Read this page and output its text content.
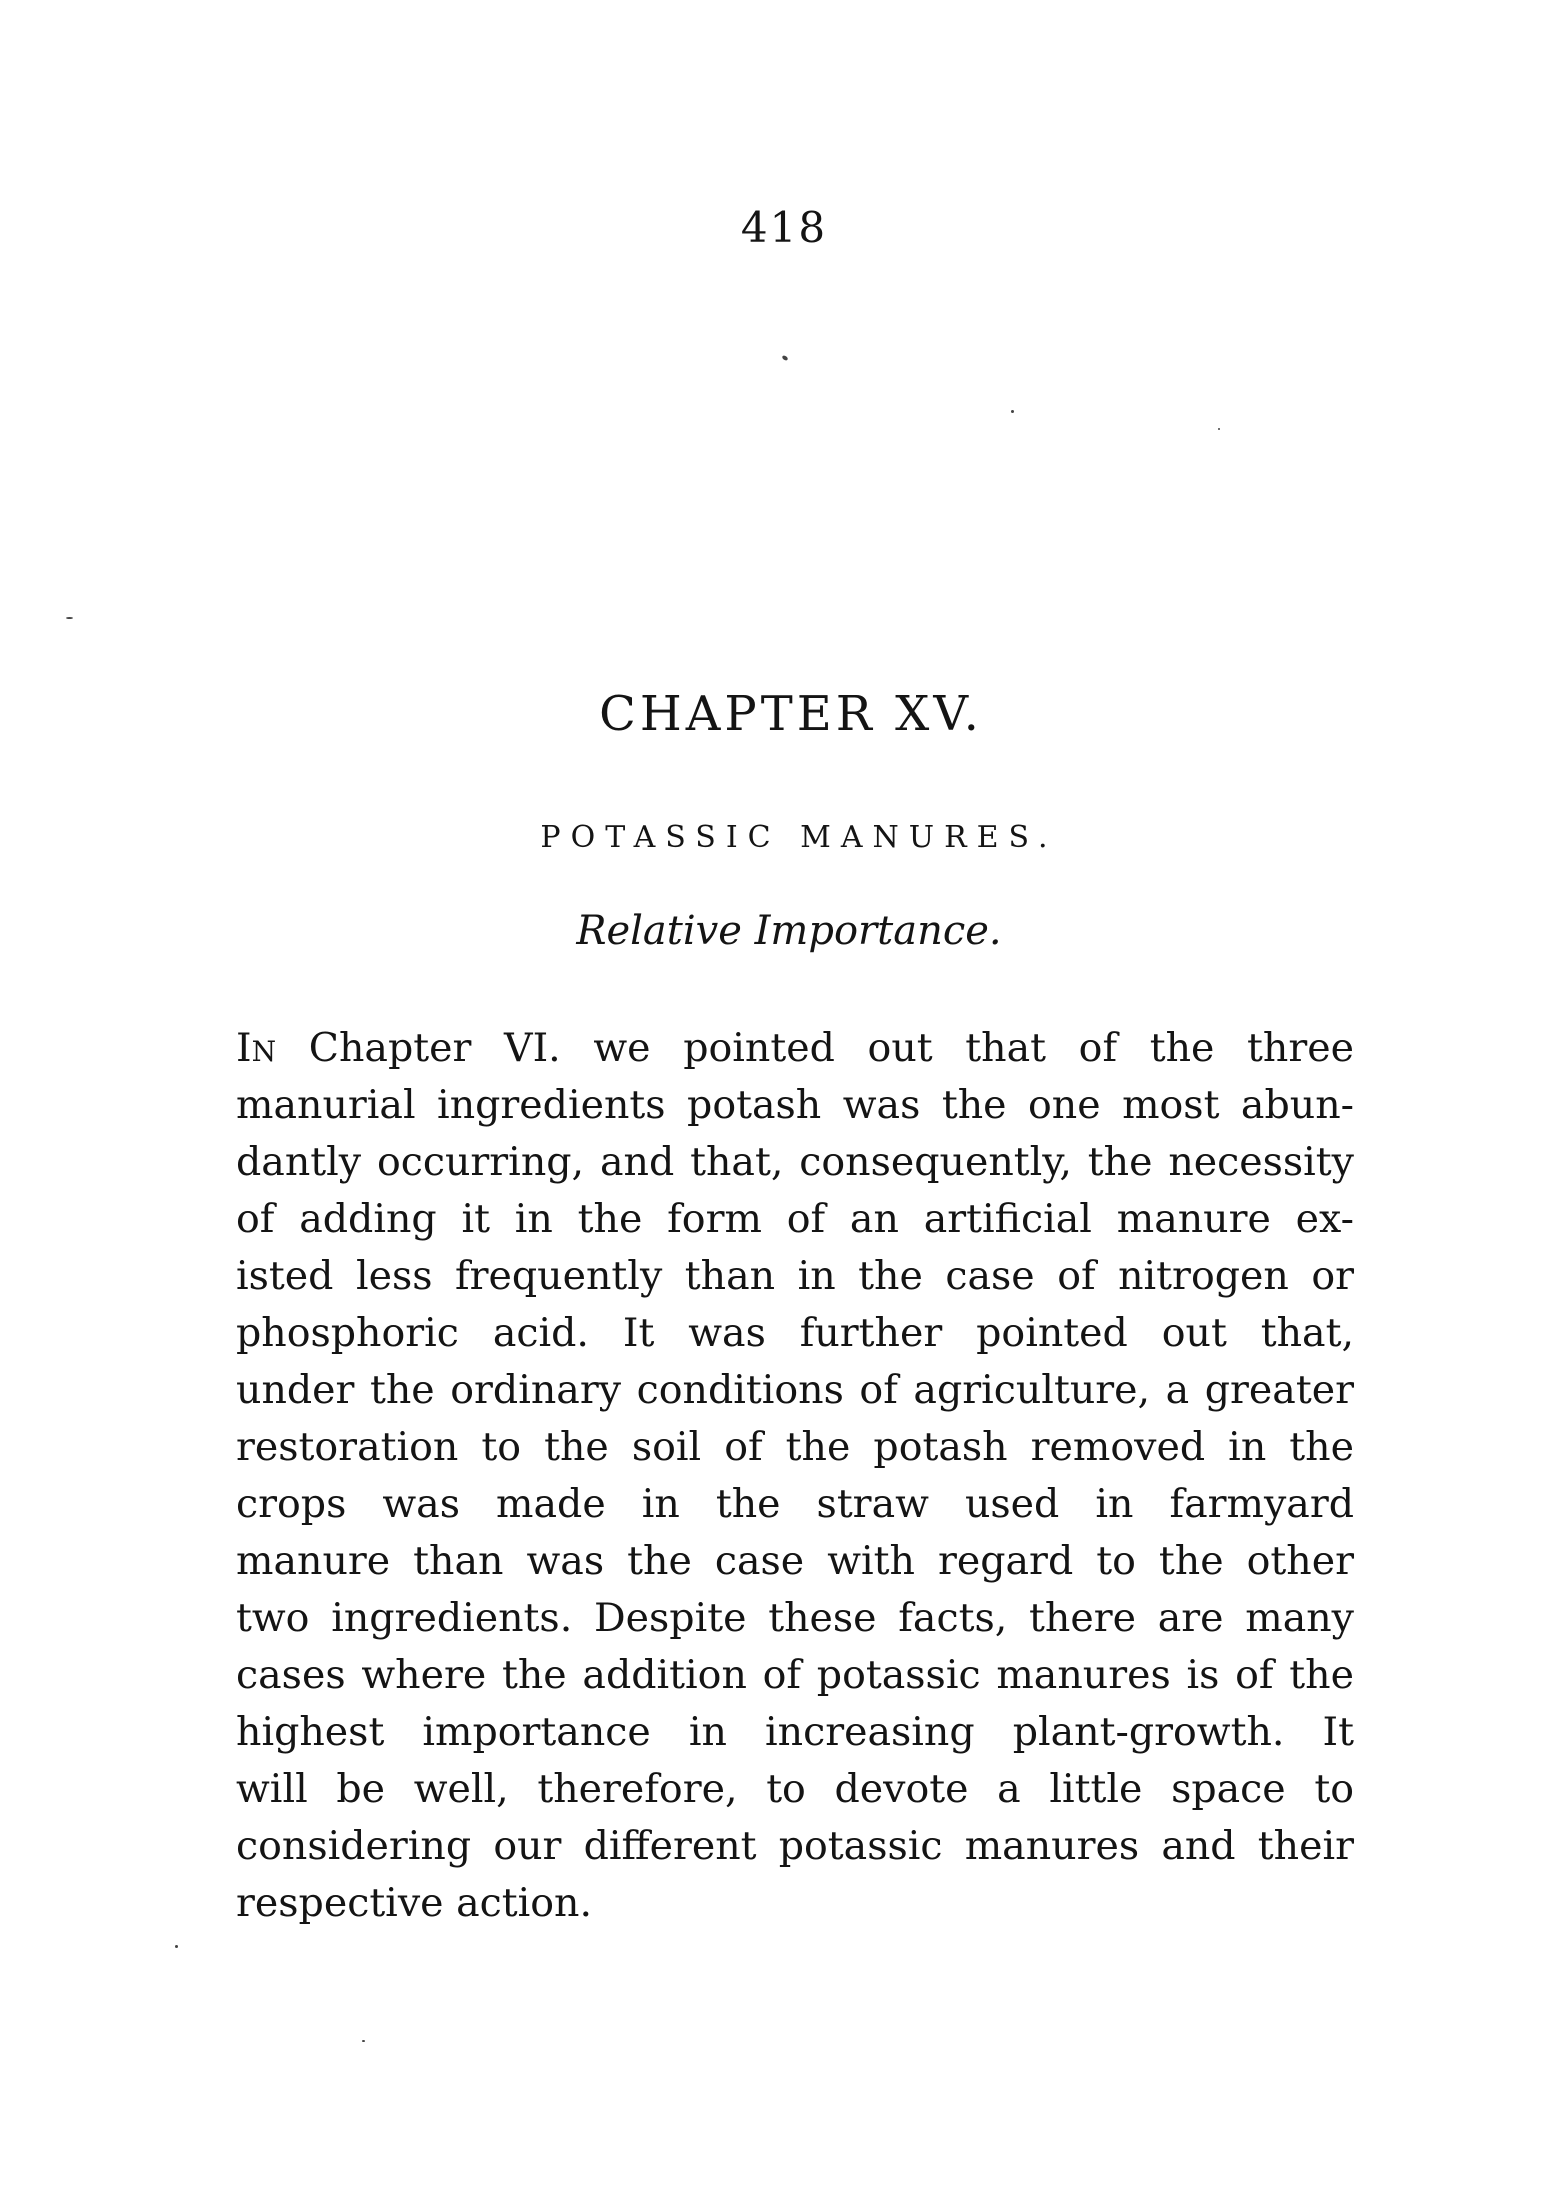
418
CHAPTER XV.
POTASSIC MANURES.
Relative Importance.
In Chapter VI. we pointed out that of the three
manurial ingredients potash was the one most abun-
dantly occurring, and that, consequently, the necessity
of adding it in the form of an artificial manure ex-
isted less frequently than in the case of nitrogen or
phosphoric acid. It was further pointed out that,
under the ordinary conditions of agriculture, a greater
restoration to the soil of the potash removed in the
crops was made in the straw used in farmyard
manure than was the case with regard to the other
two ingredients. Despite these facts, there are many
cases where the addition of potassic manures is of the
highest importance in increasing plant-growth. It
will be well, therefore, to devote a little space to
considering our different potassic manures and their
respective action.
